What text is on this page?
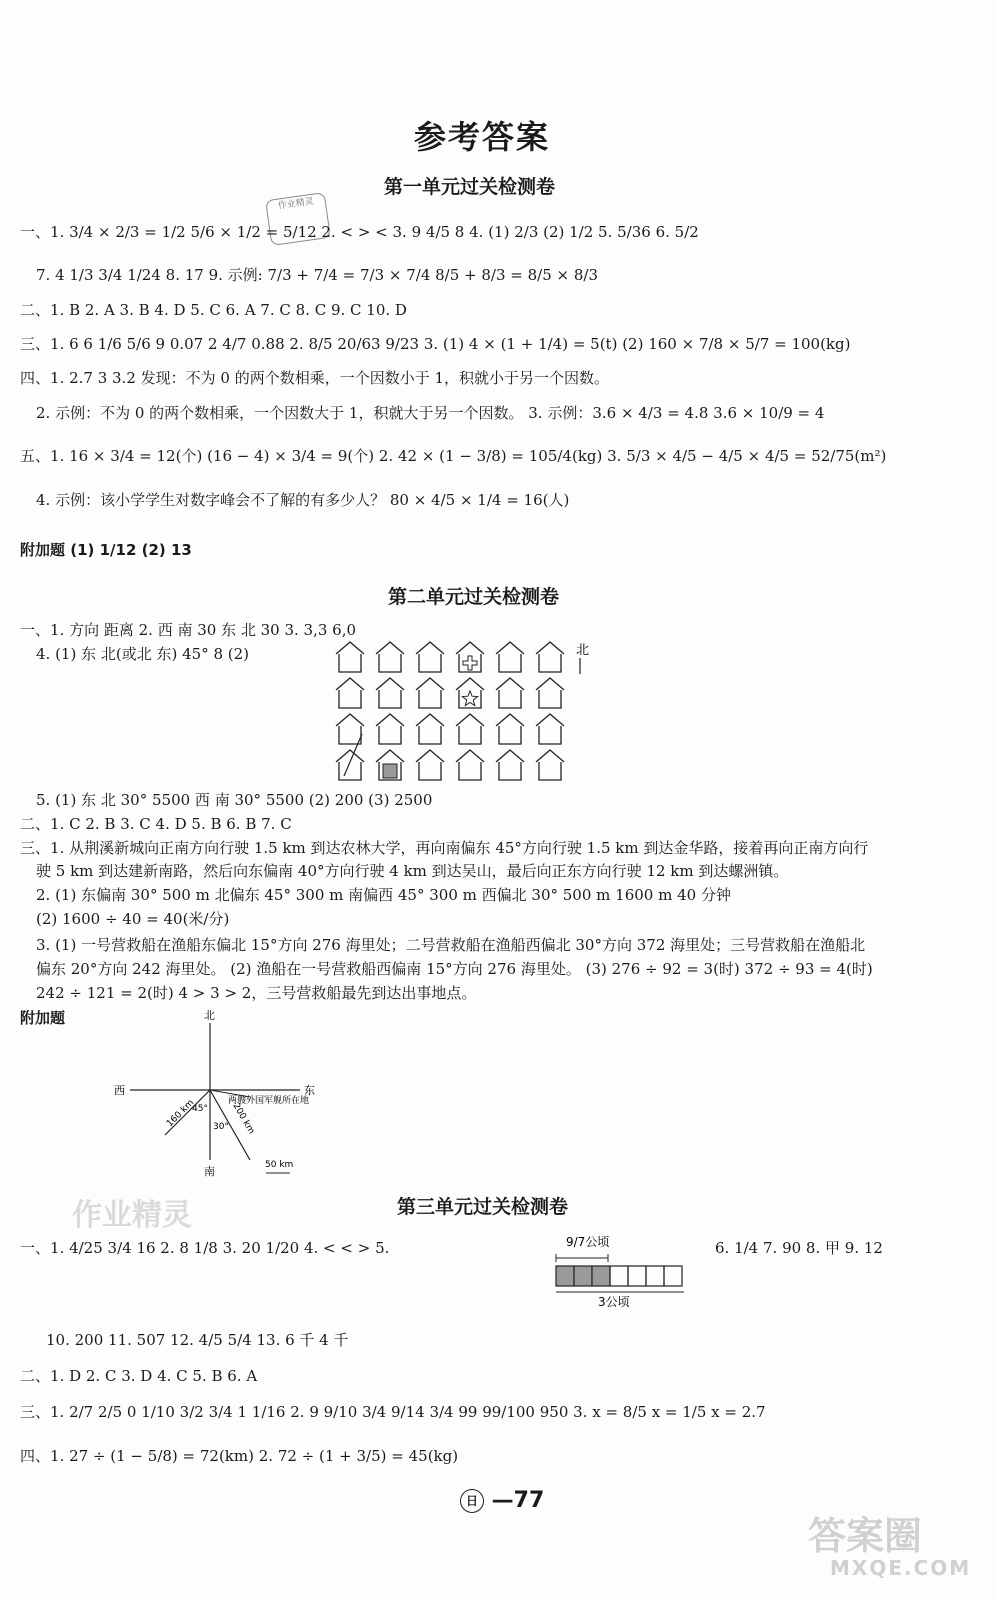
参考答案
第一单元过关检测卷
作业精灵
一、1. 3/4 × 2/3 = 1/2 5/6 × 1/2 = 5/12 2. < > < 3. 9 4/5 8 4. (1) 2/3 (2) 1/2 5. 5/36 6. 5/2
7. 4 1/3 3/4 1/24 8. 17 9. 示例: 7/3 + 7/4 = 7/3 × 7/4 8/5 + 8/3 = 8/5 × 8/3
二、1. B 2. A 3. B 4. D 5. C 6. A 7. C 8. C 9. C 10. D
三、1. 6 6 1/6 5/6 9 0.07 2 4/7 0.88 2. 8/5 20/63 9/23 3. (1) 4 × (1 + 1/4) = 5(t) (2) 160 × 7/8 × 5/7 = 100(kg)
四、1. 2.7 3 3.2 发现：不为 0 的两个数相乘，一个因数小于 1，积就小于另一个因数。
2. 示例：不为 0 的两个数相乘，一个因数大于 1，积就大于另一个因数。 3. 示例：3.6 × 4/3 = 4.8 3.6 × 10/9 = 4
五、1. 16 × 3/4 = 12(个) (16 − 4) × 3/4 = 9(个) 2. 42 × (1 − 3/8) = 105/4(kg) 3. 5/3 × 4/5 − 4/5 × 4/5 = 52/75(m²)
4. 示例：该小学学生对数字峰会不了解的有多少人？ 80 × 4/5 × 1/4 = 16(人)
附加题 (1) 1/12 (2) 13
第二单元过关检测卷
一、1. 方向 距离 2. 西 南 30 东 北 30 3. 3,3 6,0
4. (1) 东 北(或北 东) 45° 8 (2)	北
5. (1) 东 北 30° 5500 西 南 30° 5500 (2) 200 (3) 2500
二、1. C 2. B 3. C 4. D 5. B 6. B 7. C
三、1. 从荆溪新城向正南方向行驶 1.5 km 到达农林大学，再向南偏东 45°方向行驶 1.5 km 到达金华路，接着再向正南方向行
驶 5 km 到达建新南路，然后向东偏南 40°方向行驶 4 km 到达吴山，最后向正东方向行驶 12 km 到达螺洲镇。
2. (1) 东偏南 30° 500 m 北偏东 45° 300 m 南偏西 45° 300 m 西偏北 30° 500 m 1600 m 40 分钟
(2) 1600 ÷ 40 = 40(米/分)
3. (1) 一号营救船在渔船东偏北 15°方向 276 海里处；二号营救船在渔船西偏北 30°方向 372 海里处；三号营救船在渔船北
偏东 20°方向 242 海里处。 (2) 渔船在一号营救船西偏南 15°方向 276 海里处。 (3) 276 ÷ 92 = 3(时) 372 ÷ 93 = 4(时)
242 ÷ 121 = 2(时) 4 > 3 > 2，三号营救船最先到达出事地点。
附加题	北
西	东
南
160 km	200 km
45°
30°
两艘外国军舰所在地
50 km
作业精灵	第三单元过关检测卷
一、1. 4/25 3/4 16 2. 8 1/8 3. 20 1/20 4. < < > 5.	6. 1/4 7. 90 8. 甲 9. 12
9/7公顷
3公顷
10. 200 11. 507 12. 4/5 5/4 13. 6 千 4 千
二、1. D 2. C 3. D 4. C 5. B 6. A
三、1. 2/7 2/5 0 1/10 3/2 3/4 1 1/16 2. 9 9/10 3/4 9/14 3/4 99 99/100 950 3. x = 8/5 x = 1/5 x = 2.7
四、1. 27 ÷ (1 − 5/8) = 72(km) 2. 72 ÷ (1 + 3/5) = 45(kg)
日 —77
答案圈
MXQE.COM
